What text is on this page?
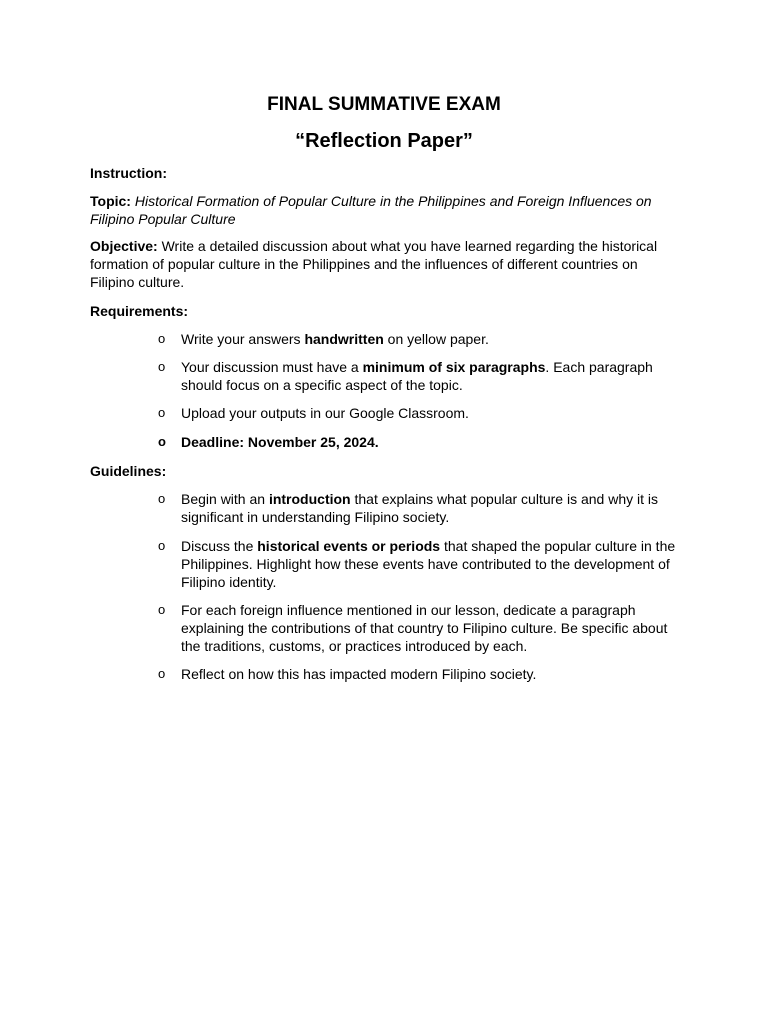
FINAL SUMMATIVE EXAM
“Reflection Paper”

Instruction:

Topic: Historical Formation of Popular Culture in the Philippines and Foreign Influences on Filipino Popular Culture

Objective: Write a detailed discussion about what you have learned regarding the historical formation of popular culture in the Philippines and the influences of different countries on Filipino culture.

Requirements:

o	Write your answers handwritten on yellow paper.
o	Your discussion must have a minimum of six paragraphs. Each paragraph should focus on a specific aspect of the topic.
o	Upload your outputs in our Google Classroom.
o	Deadline: November 25, 2024.

Guidelines:

o	Begin with an introduction that explains what popular culture is and why it is significant in understanding Filipino society.
o	Discuss the historical events or periods that shaped the popular culture in the Philippines. Highlight how these events have contributed to the development of Filipino identity.
o	For each foreign influence mentioned in our lesson, dedicate a paragraph explaining the contributions of that country to Filipino culture. Be specific about the traditions, customs, or practices introduced by each.
o	Reflect on how this has impacted modern Filipino society.
